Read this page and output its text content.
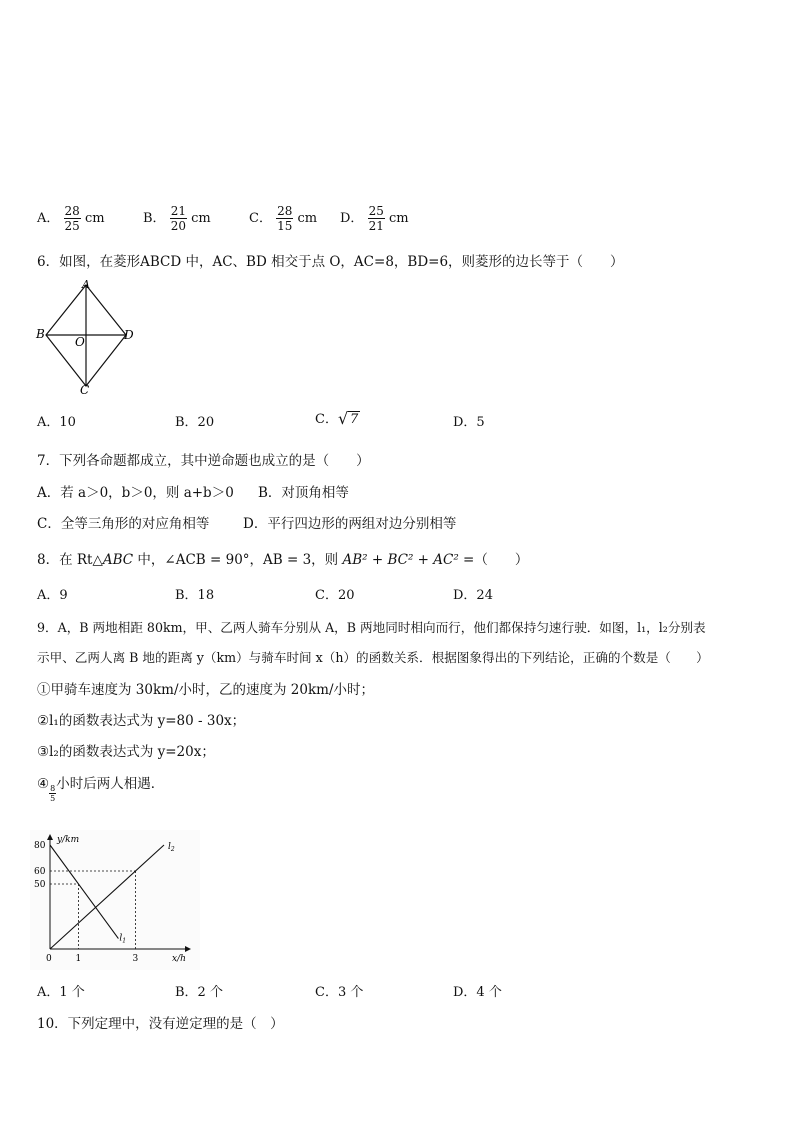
A． $\frac{28}{25}$ cm	B． $\frac{21}{20}$ cm	C． $\frac{28}{15}$ cm D． $\frac{25}{21}$ cm
6．如图，在菱形ABCD 中，AC、BD 相交于点 O，AC=8，BD=6，则菱形的边长等于（　　）
A
B
C
D
O
A．10	B．20	C． √ 7	D．5
7．下列各命题都成立，其中逆命题也成立的是（　　）
A．若 a＞0，b＞0，则 a+b＞0 B．对顶角相等
C．全等三角形的对应角相等 D．平行四边形的两组对边分别相等
8．在 Rt△ABC 中，∠ACB = 90°，AB = 3，则 AB² + BC² + AC² =（　　）
A．9	B．18	C．20	D．24
9．A，B 两地相距 80km，甲、乙两人骑车分别从 A，B 两地同时相向而行，他们都保持匀速行驶．如图，l₁，l₂分别表
示甲、乙两人离 B 地的距离 y（km）与骑车时间 x（h）的函数关系．根据图象得出的下列结论，正确的个数是（　　）
①甲骑车速度为 30km/小时，乙的速度为 20km/小时；
②l₁的函数表达式为 y=80 - 30x；
③l₂的函数表达式为 y=20x；
④ $\frac{8}{5}$ 小时后两人相遇．
y/km
x/h
0	1	3
50
60
80
$l_1$
$l_2$
A．1 个	B．2 个	C．3 个	D．4 个
10．下列定理中，没有逆定理的是（　）
